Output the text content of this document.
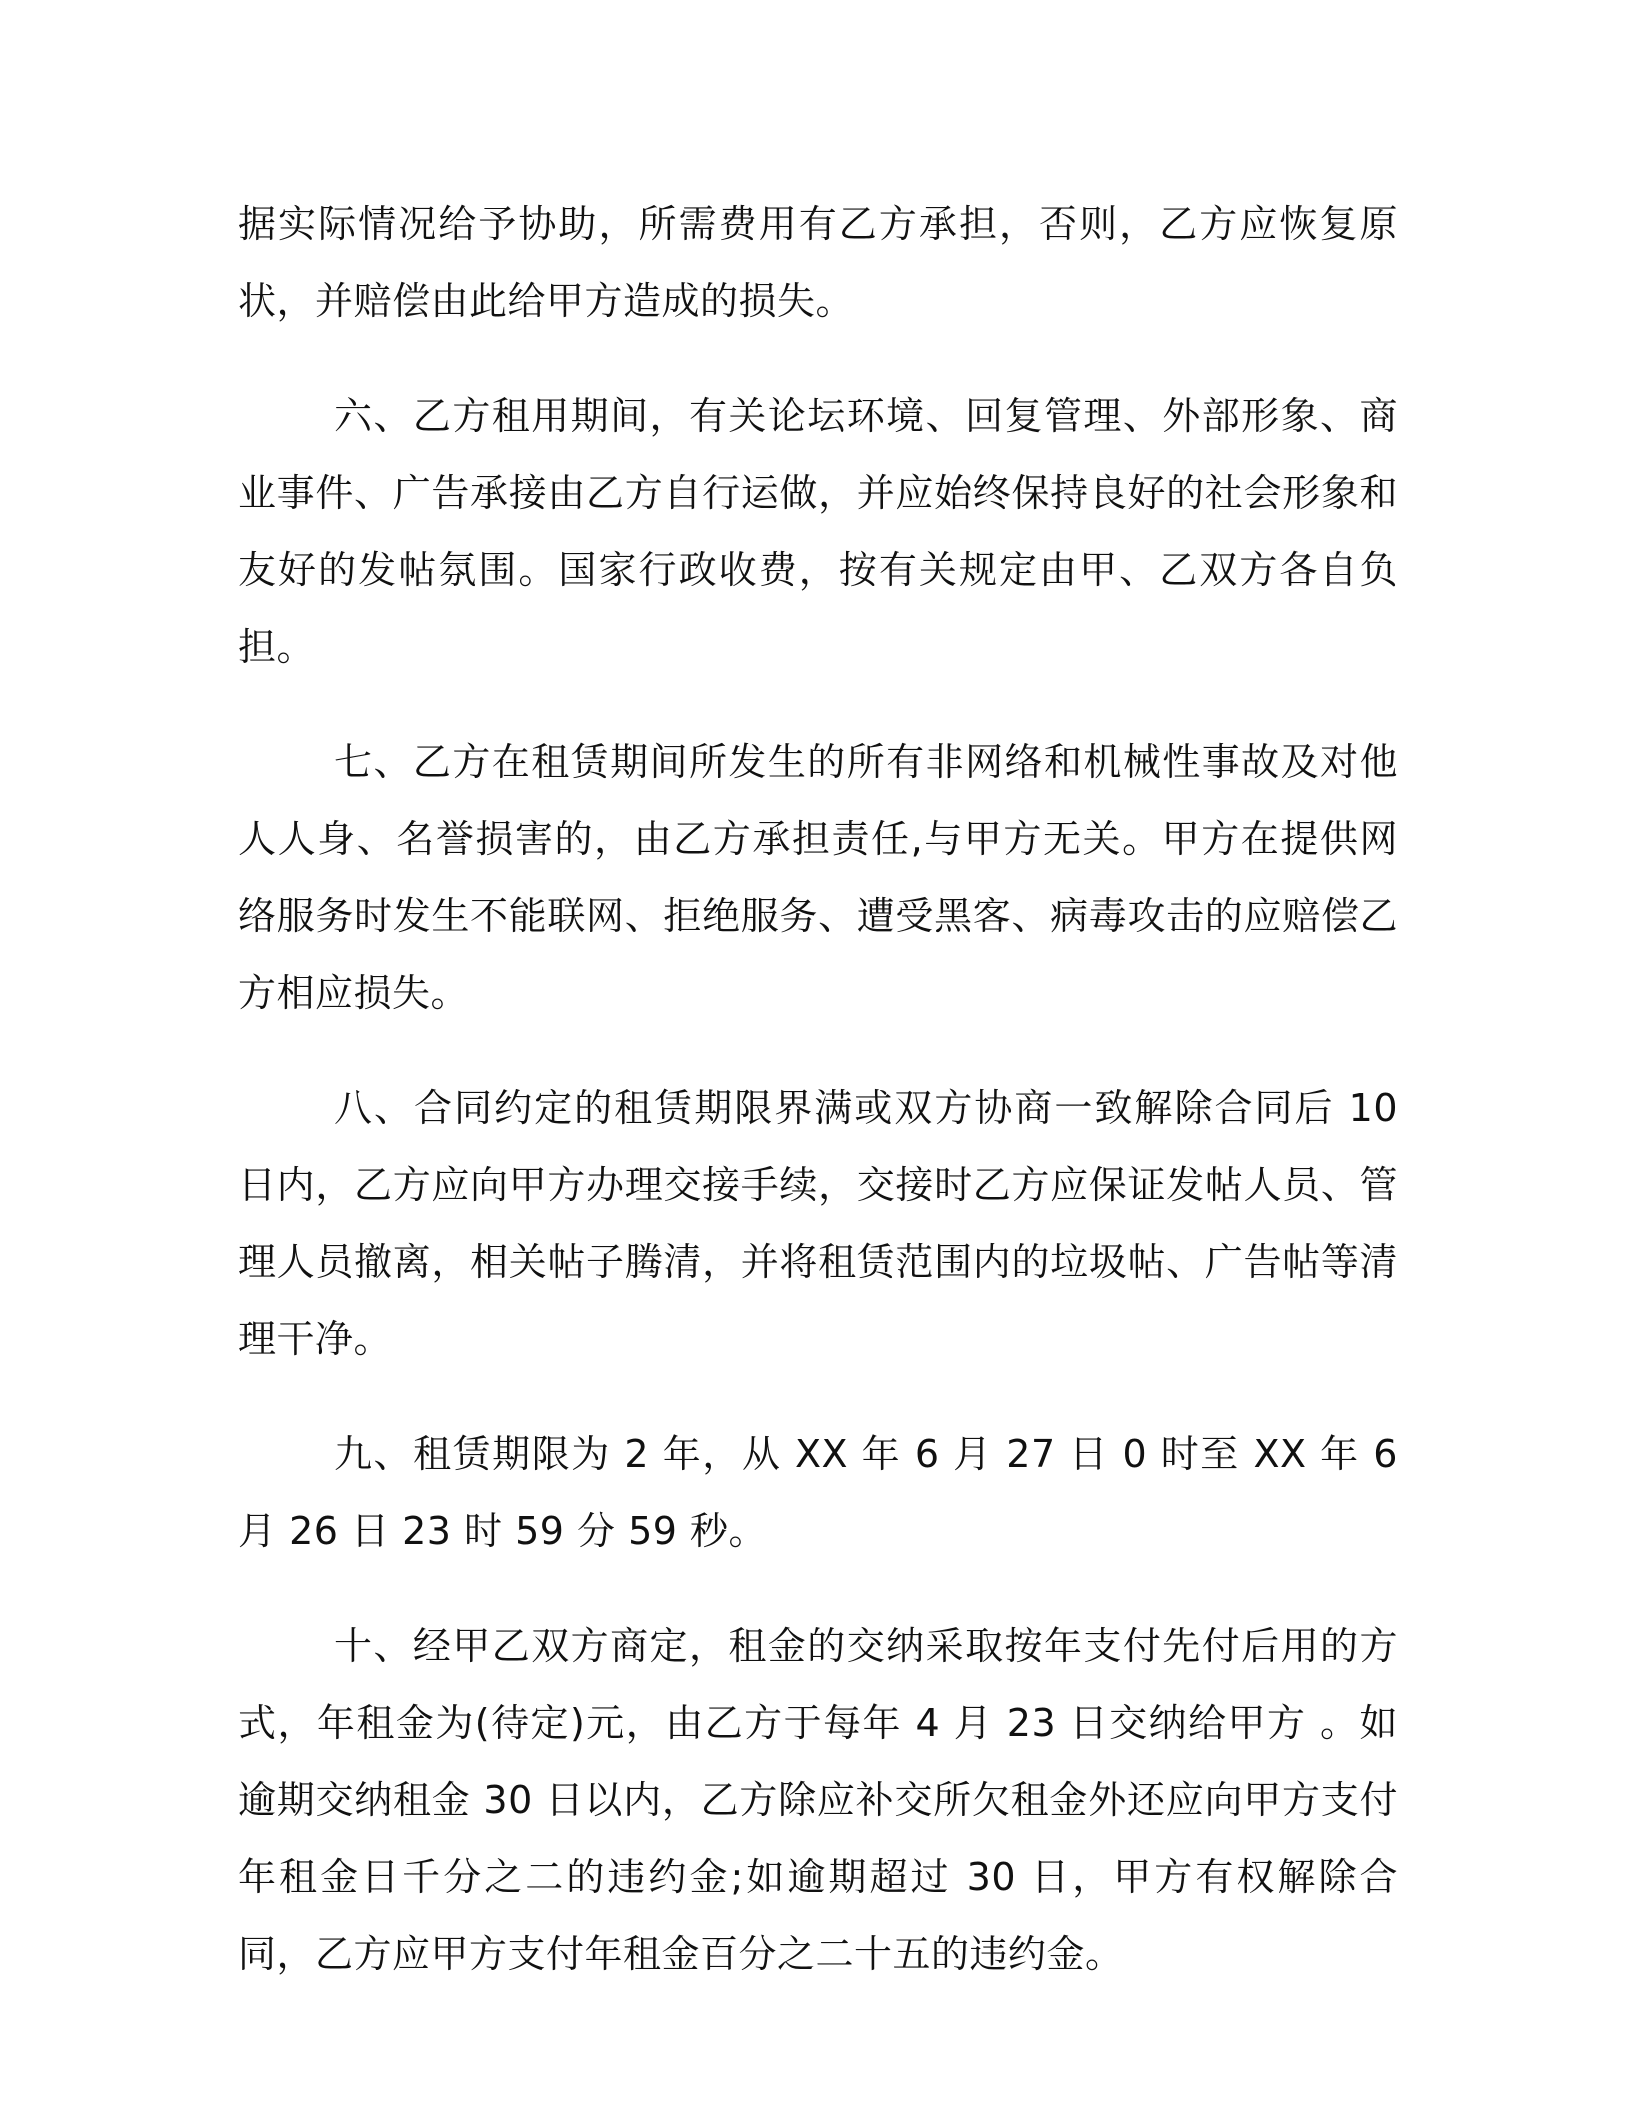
据实际情况给予协助，所需费用有乙方承担，否则，乙方应恢复原状，并赔偿由此给甲方造成的损失。

六、乙方租用期间，有关论坛环境、回复管理、外部形象、商业事件、广告承接由乙方自行运做，并应始终保持良好的社会形象和友好的发帖氛围。国家行政收费，按有关规定由甲、乙双方各自负担。

七、乙方在租赁期间所发生的所有非网络和机械性事故及对他人人身、名誉损害的，由乙方承担责任,与甲方无关。甲方在提供网络服务时发生不能联网、拒绝服务、遭受黑客、病毒攻击的应赔偿乙方相应损失。

八、合同约定的租赁期限界满或双方协商一致解除合同后 10 日内，乙方应向甲方办理交接手续，交接时乙方应保证发帖人员、管理人员撤离，相关帖子腾清，并将租赁范围内的垃圾帖、广告帖等清理干净。

九、租赁期限为 2 年，从 XX 年 6 月 27 日 0 时至 XX 年 6 月 26 日 23 时 59 分 59 秒。

十、经甲乙双方商定，租金的交纳采取按年支付先付后用的方式，年租金为(待定)元，由乙方于每年 4 月 23 日交纳给甲方 。如逾期交纳租金 30 日以内，乙方除应补交所欠租金外还应向甲方支付年租金日千分之二的违约金;如逾期超过 30 日，甲方有权解除合同，乙方应甲方支付年租金百分之二十五的违约金。
